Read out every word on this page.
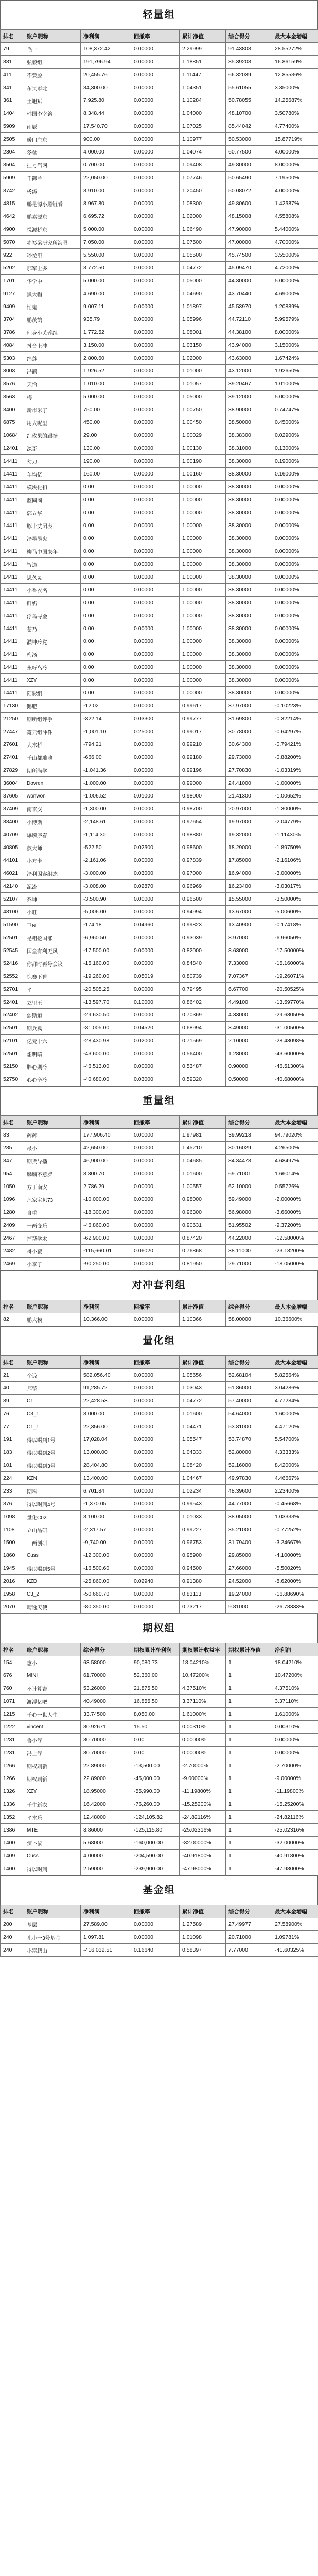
轻量组
排名	账户昵称	净利润	回撤率	累计净值	综合得分	最大本金增幅
79	毛一	108,372.42	0.00000	2.29999	91.43808	28.55272%
381	弘毅组	191,796.94	0.00000	1.18851	85.39208	16.86159%
411	不要脸	20,455.76	0.00000	1.11447	66.32039	12.85536%
341	东吴市北	34,300.00	0.00000	1.04351	55.61055	3.35000%
361	王旭斌	7,925.80	0.00000	1.10284	50.78055	14.25687%
1404	韩国李宰镕	8,348.44	0.00000	1.04000	48.10700	3.50780%
5909	雨辰	17,540.70	0.00000	1.07025	85.44042	4.77400%
2505	暖门庄东	900.00	0.00000	1.10977	50.53000	15.87719%
2304	冬盆	4,000.00	0.00000	1.04074	60.77500	4.00000%
3504	挂号汽网	0,700.00	0.00000	1.09408	49.80000	8.00000%
5909	千御兰	22,050.00	0.00000	1.07746	50.65490	7.19500%
3742	杨汤	3,910.00	0.00000	1.20450	50.08072	4.00000%
4815	鹏是源小黑链看	8,967.80	0.00000	1.08300	49.80600	1.42587%
4642	鹏素源东	6,695.72	0.00000	1.02000	48.15008	4.55808%
4900	悦源桥东	5,000.00	0.00000	1.06490	47.90000	5.44000%
5070	赤衫梁研究所海寻	7,050.00	0.00000	1.07500	47.00000	4.70000%
922	秒拉里	5,550.00	0.00000	1.05500	45.74500	3.55000%
5202	那军士多	3,772.50	0.00000	1.04772	45.09470	4.72000%
1701	华学中	5,000.00	0.00000	1.05000	44.30000	5.00000%
9127	黑大帽	4,690.00	0.00000	1.04690	43.70440	4.69000%
9409	忙鬼	9,007.11	0.00000	1.01897	45.53970	1.20889%
3704	鹏茂鹤	935.79	0.00000	1.05996	44.72110	5.99579%
3786	理身小芙蓉组	1,772.52	0.00000	1.08001	44.38100	8.00000%
4084	抖音上冲	3,150.00	0.00000	1.03150	43.94000	3.15000%
5303	绵莲	2,800.60	0.00000	1.02000	43.63000	1.67424%
8003	冯鹤	1,926.52	0.00000	1.01000	43.12000	1.92650%
8576	天怡	1,010.00	0.00000	1.01057	39.20467	1.01000%
8563	梅	5,000.00	0.00000	1.05000	39.12000	5.00000%
3400	新市米了	750.00	0.00000	1.00750	38.90000	0.74747%
6875	用大呢里	450.00	0.00000	1.00450	38.50000	0.45000%
10684	红玫果的跟扬	29.00	0.00000	1.00029	38.38300	0.02900%
12401	深哥	130.00	0.00000	1.00130	38.31000	0.13000%
14411	勾刀	190.00	0.00000	1.00190	38.30000	0.19000%
14411	羊均亿	160.00	0.00000	1.00160	38.30000	0.16000%
14411	模块化扣	0.00	0.00000	1.00000	38.30000	0.00000%
14411	蓝圈圈	0.00	0.00000	1.00000	38.30000	0.00000%
14411	郭立华	0.00	0.00000	1.00000	38.30000	0.00000%
14411	豚十丈团表	0.00	0.00000	1.00000	38.30000	0.00000%
14411	泽墨墨鬼	0.00	0.00000	1.00000	38.30000	0.00000%
14411	柳马中国来年	0.00	0.00000	1.00000	38.30000	0.00000%
14411	智道	0.00	0.00000	1.00000	38.30000	0.00000%
14411	思久灵	0.00	0.00000	1.00000	38.30000	0.00000%
14411	小香衣名	0.00	0.00000	1.00000	38.30000	0.00000%
14411	鲜奶	0.00	0.00000	1.00000	38.30000	0.00000%
14411	浮鸟寻金	0.00	0.00000	1.00000	38.30000	0.00000%
14411	苍乃	0.00	0.00000	1.00000	38.30000	0.00000%
14411	濮坤玲党	0.00	0.00000	1.00000	38.30000	0.00000%
14411	梅汤	0.00	0.00000	1.00000	38.30000	0.00000%
14411	永籽鸟冷	0.00	0.00000	1.00000	38.30000	0.00000%
14411	XZY	0.00	0.00000	1.00000	38.30000	0.00000%
14411	阳彩组	0.00	0.00000	1.00000	38.30000	0.00000%
17130	鹅肥	-12.02	0.00000	0.99617	37.97000	-0.10223%
21250	期所组评手	-322.14	0.03300	0.99777	31.69800	-0.32214%
27447	霓云组冲件	-1,001.10	0.25000	0.99017	30.78000	-0.64297%
27601	大木桥	-794.21	0.00000	0.99210	30.64300	-0.79421%
27401	千山都雕驰	-666.00	0.00000	0.99180	29.73000	-0.88200%
27829	期所满学	-1,041.36	0.00000	0.99196	27.70830	-1.03319%
36004	Dovren	-1,000.00	0.00000	0.99000	24.41000	-1.00000%
37605	wonwon	-1,006.52	0.01000	0.98000	21.41300	-1.00652%
37409	南京交	-1,300.00	0.00000	0.98700	20.97000	-1.30000%
38400	小博斯	-2,148.61	0.00000	0.97654	19.97000	-2.04779%
40709	爆瞬序春	-1,114.30	0.00000	0.98880	19.32000	-1.11430%
40805	熬大师	-522.50	0.02500	0.98600	18.29000	-1.89750%
44101	小方卡	-2,161.06	0.00000	0.97839	17.85000	-2.16106%
46021	泽利因客组杰	-3,000.00	0.03000	0.97000	16.94000	-3.00000%
42140	泥流	-3,008.00	0.02870	0.96969	16.23400	-3.03017%
52107	鸡坤	-3,500.90	0.00000	0.96500	15.55000	-3.50000%
48100	小旺	-5,006.00	0.00000	0.94994	13.67000	-5.00600%
51590	卫N	-174.18	0.04960	0.99823	13.40900	-0.17418%
52501	是粗挖国涨	-6,960.50	0.00000	0.93039	8.97000	-6.96050%
52545	国盒有利无风	-17,500.00	0.00000	0.82000	8.63000	-17.50000%
52416	你都时再号会议	-15,160.00	0.00000	0.84840	7.33000	-15.16000%
52552	惊赛下鲁	-19,260.00	0.05019	0.80739	7.07367	-19.26071%
52701	平	-20,505.25	0.00000	0.79495	6.67700	-20.50525%
52401	立里王	-13,597.70	0.10000	0.86402	4.49100	-13.59770%
52402	弱斯道	-29,630.50	0.00000	0.70369	4.33000	-29.63050%
52501	期兵冀	-31,005.00	0.04520	0.68994	3.49000	-31.00500%
52101	亿元十六	-28,430.98	0.02000	0.71569	2.10000	-28.43098%
52501	想明暗	-43,600.00	0.00000	0.56400	1.28000	-43.60000%
52150	胖心期冷	-46,513.00	0.00000	0.53487	0.90000	-46.51300%
52750	心心辛冷	-40,680.00	0.03000	0.59320	0.50000	-40.68000%
重量组
排名	账户昵称	净利润	回撤率	累计净值	综合得分	最大本金增幅
83	辉辉	177,906.40	0.00000	1.97981	39.99218	94.79020%
285	最小	42,650.00	0.00000	1.45210	80.16029	4.26500%
347	期货导播	46,900.00	0.00000	1.04685	84.34478	4.68497%
954	麟麟不意罗	8,300.70	0.00000	1.01600	69.71001	1.66014%
1050	方丁南安	2,786.29	0.00000	1.00557	62.10000	0.55726%
1096	凡家宝贝73	-10,000.00	0.00000	0.98000	59.49000	-2.00000%
1280	自重	-18,300.00	0.00000	0.96300	56.98000	-3.66000%
2409	一两变乐	-46,860.00	0.00000	0.90631	51.95502	-9.37200%
2467	掉帮学术	-62,900.00	0.00000	0.87420	44.22000	-12.58000%
2482	哥小蛮	-115,660.01	0.06020	0.76868	38.11000	-23.13200%
2469	小李子	-90,250.00	0.00000	0.81950	29.71000	-18.05000%
对冲套利组
排名	账户昵称	净利润	回撤率	累计净值	综合得分	最大本金增幅
82	鹏大模	10,366.00	0.00000	1.10366	58.00000	10.36600%
量化组
排名	账户昵称	净利润	回撤率	累计净值	综合得分	最大本金增幅
21	企谅	582,056.40	0.00000	1.05656	52.68104	5.82564%
40	邦整	91,285.72	0.00000	1.03043	61.86000	3.04286%
89	C1	22,428.53	0.00000	1.04772	57.40000	4.77284%
76	C3_1	8,000.00	0.00000	1.01600	54.64000	1.60000%
77	C1_1	22,356.00	0.00000	1.04471	53.81000	4.47120%
191	得以喝到1号	17,028.04	0.00000	1.05547	53.74870	5.54700%
183	得以喝到2号	13,000.00	0.00000	1.04333	52.80000	4.33333%
101	得以喝到3号	28,404.80	0.00000	1.08420	52.16000	8.42000%
224	KZN	13,400.00	0.00000	1.04467	49.97830	4.46667%
233	期科	6,701.84	0.00000	1.02234	48.39600	2.23400%
376	得以喝到4号	-1,370.05	0.00000	0.99543	44.77000	-0.45668%
1098	量化C02	3,100.00	0.00000	1.01033	38.05000	1.03333%
1108	立山品研	-2,317.57	0.00000	0.99227	35.21000	-0.77252%
1500	一两创研	-9,740.00	0.00000	0.96753	31.79400	-3.24667%
1860	Cuss	-12,300.00	0.00000	0.95900	29.85000	-4.10000%
1945	得以喝到5号	-16,500.60	0.00000	0.94500	27.66000	-5.50020%
2016	KZD	-25,860.00	0.02940	0.91380	24.52000	-8.62000%
1958	C3_2	-50,660.70	0.00000	0.83113	19.24000	-16.88690%
2070	晴逸天使	-80,350.00	0.00000	0.73217	9.81000	-26.78333%
期权组
排名	账户昵称	综合得分	期权累计净利润	期权累计收益率	期权累计净值	净利润
154	惠小	63.58000	90,080.73	18.04210%	1	18.04210%
676	MINI	61.70000	52,360.00	10.47200%	1	10.47200%
760	不计算吉	53.26000	21,875.50	4.37510%	1	4.37510%
1071	渡浮亿吧	40.49000	16,855.50	3.37110%	1	3.37110%
1215	千心一世人生	33.74500	8,050.00	1.61000%	1	1.61000%
1222	vincent	30.92671	15.50	0.00310%	1	0.00310%
1231	鲁小浮	30.70000	0.00	0.00000%	1	0.00000%
1231	冯上浮	30.70000	0.00	0.00000%	1	0.00000%
1266	期权刷新	22.89000	-13,500.00	-2.70000%	1	-2.70000%
1266	期权刷新	22.89000	-45,000.00	-9.00000%	1	-9.00000%
1326	XZY	18.95000	-55,990.00	-11.19800%	1	-11.19800%
1336	千牛新衣	16.42000	-76,260.00	-15.25200%	1	-15.25200%
1352	平木乐	12.48000	-124,105.82	-24.82116%	1	-24.82116%
1386	MTE	8.86000	-125,115.80	-25.02316%	1	-25.02316%
1400	辣卜鼠	5.68000	-160,000.00	-32.00000%	1	-32.00000%
1409	Cuss	4.00000	-204,590.00	-40.91800%	1	-40.91800%
1400	得以喝到	2.59000	-239,900.00	-47.98000%	1	-47.98000%
基金组
排名	账户昵称	净利润	回撤率	累计净值	综合得分	最大本金增幅
200	基层	27,589.00	0.00000	1.27589	27.49977	27.58900%
240	孔小一3号基金	1,097.81	0.00000	1.01098	20.71000	1.09781%
240	小富鹏山	-416,032.51	0.16640	0.58397	7.77000	-41.60325%
